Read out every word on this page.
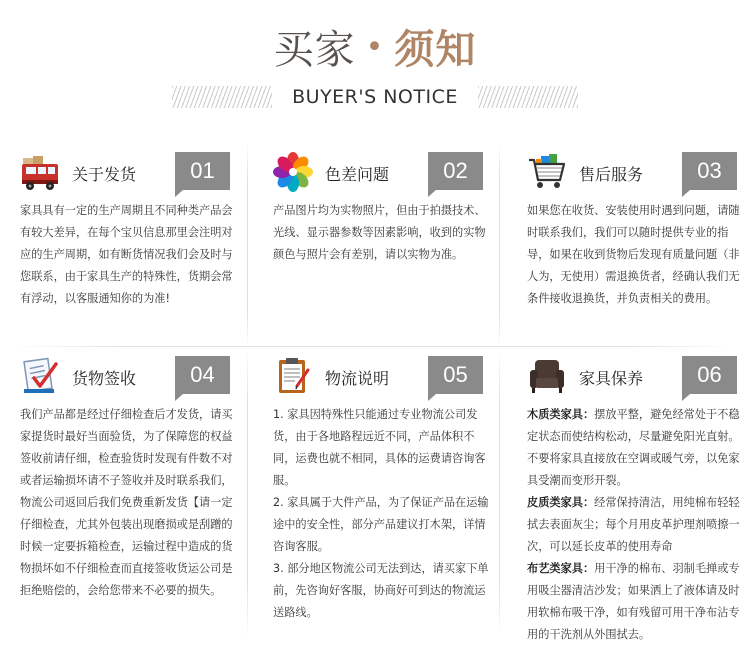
买家 • 须知
BUYER'S NOTICE
关于发货	01

家具具有一定的生产周期且不同种类产品会有较大差异，在每个宝贝信息那里会注明对应的生产周期，如有断货情况我们会及时与您联系，由于家具生产的特殊性，货期会常有浮动，以客服通知你的为准!

色差问题	02

产品图片均为实物照片，但由于拍摄技术、光线、显示器参数等因素影响，收到的实物颜色与照片会有差别，请以实物为准。

售后服务	03

如果您在收货、安装使用时遇到问题，请随时联系我们，我们可以随时提供专业的指导，如果在收到货物后发现有质量问题（非人为，无使用）需退换货者，经确认我们无条件接收退换货，并负责相关的费用。

货物签收	04

我们产品都是经过仔细检查后才发货，请买家提货时最好当面验货，为了保障您的权益签收前请仔细，检查验货时发现有件数不对或者运输损坏请不子签收并及时联系我们，物流公司返回后我们免费重新发货【请一定仔细检查，尤其外包装出现磨损或是刮蹭的时候一定要拆箱检查，运输过程中造成的货物损坏如不仔细检查而直接签收货运公司是拒绝赔偿的，会给您带来不必要的损失。

物流说明	05

1. 家具因特殊性只能通过专业物流公司发货，由于各地路程远近不同，产品体积不同，运费也就不相同，具体的运费请咨询客服。

2. 家具属于大件产品，为了保证产品在运输途中的安全性，部分产品建议打木架，详情咨询客服。

3. 部分地区物流公司无法到达，请买家下单前，先咨询好客服，协商好可到达的物流运送路线。

家具保养	06

木质类家具：摆放平整，避免经常处于不稳定状态而使结构松动，尽量避免阳光直射。不要将家具直接放在空调或暖气旁，以免家具受潮而变形开裂。

皮质类家具：经常保持清洁，用纯棉布轻轻拭去表面灰尘；每个月用皮革护理剂喷擦一次，可以延长皮革的使用寿命

布艺类家具：用干净的棉布、羽制毛掸或专用吸尘器清洁沙发；如果洒上了液体请及时用软棉布吸干净，如有残留可用干净布沾专用的干洗剂从外围拭去。
